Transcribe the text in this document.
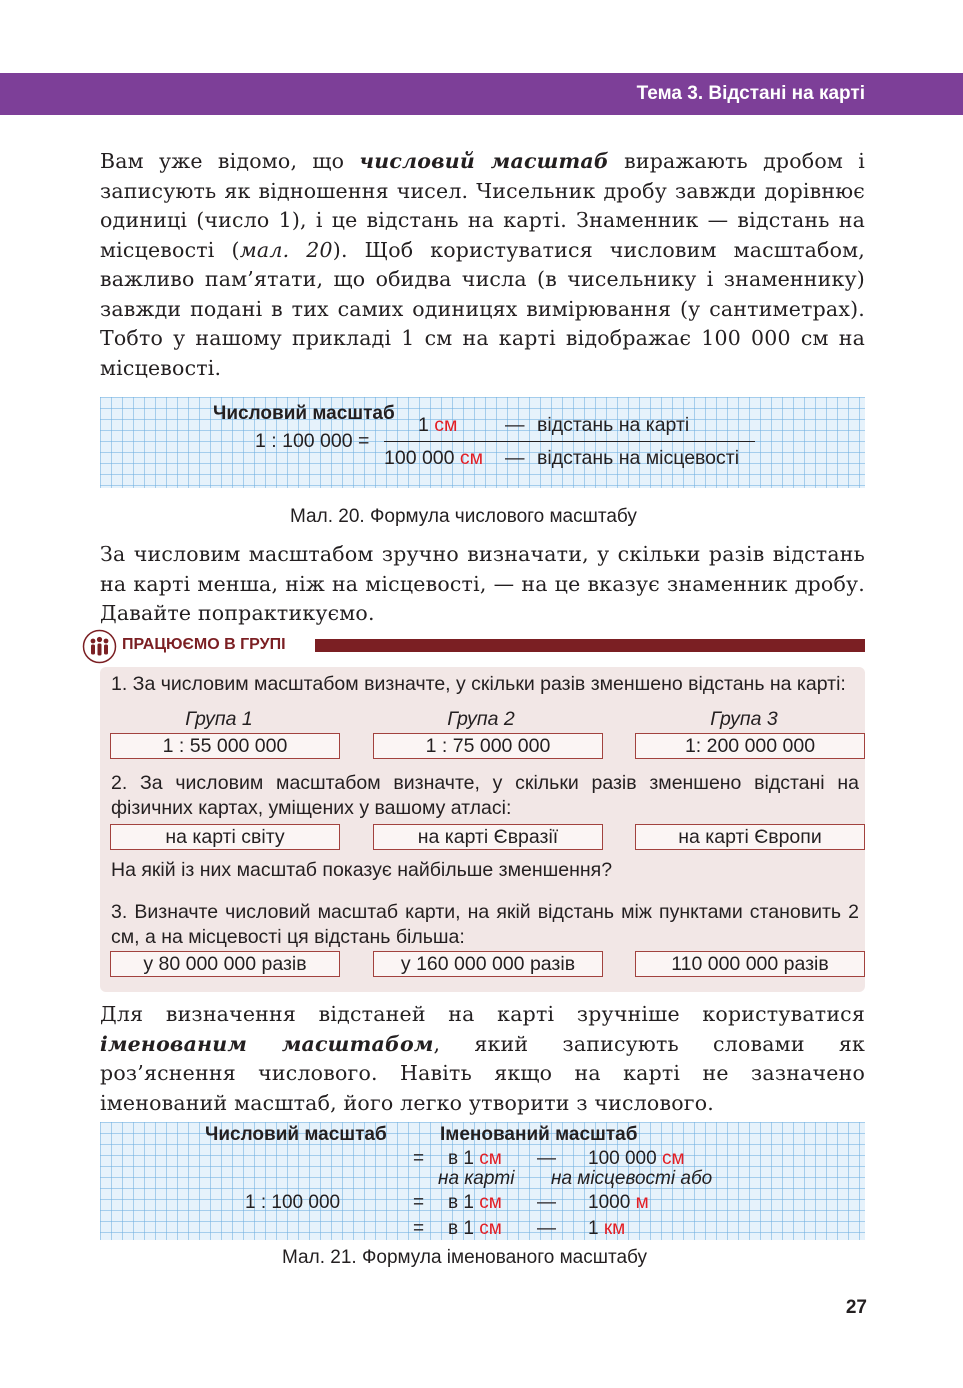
Тема 3. Відстані на карті

Вам уже відомо, що числовий масштаб виражають дробом і записують як відношення чисел. Чисельник дробу завжди дорівнює одиниці (число 1), і це відстань на карті. Знаменник — відстань на місцевості (мал. 20). Щоб користуватися числовим масштабом, важливо пам’ятати, що обидва числа (в чисельнику і знаменнику) завжди подані в тих самих одиницях вимірювання (у сантиметрах). Тобто у нашому прикладі 1 см на карті відображає 100 000 см на місцевості.

Числовий масштаб
1 : 100 000 =
1 см — відстань на карті
100 000 см — відстань на місцевості
Мал. 20. Формула числового масштабу

За числовим масштабом зручно визначати, у скільки разів відстань на карті менша, ніж на місцевості, — на це вказує знаменник дробу. Давайте попрактикуємо.

ПРАЦЮЄМО В ГРУПІ
1. За числовим масштабом визначте, у скільки разів зменшено відстань на карті:
Група 1	Група 2	Група 3
1 : 55 000 000	1 : 75 000 000	1: 200 000 000
2. За числовим масштабом визначте, у скільки разів зменшено відстані на фізичних картах, уміщених у вашому атласі:
на карті світу	на карті Євразії	на карті Європи
На якій із них масштаб показує найбільше зменшення?
3. Визначте числовий масштаб карти, на якій відстань між пунктами становить 2 см, а на місцевості ця відстань більша:
у 80 000 000 разів	у 160 000 000 разів	110 000 000 разів

Для визначення відстаней на карті зручніше користуватися іменованим масштабом, який записують словами як роз’яснення числового. Навіть якщо на карті не зазначено іменований масштаб, його легко утворити з числового.

Числовий масштаб	Іменований масштаб
= в 1 см — 100 000 см
на карті на місцевості або
1 : 100 000	= в 1 см — 1000 м
= в 1 см — 1 км
Мал. 21. Формула іменованого масштабу
27
